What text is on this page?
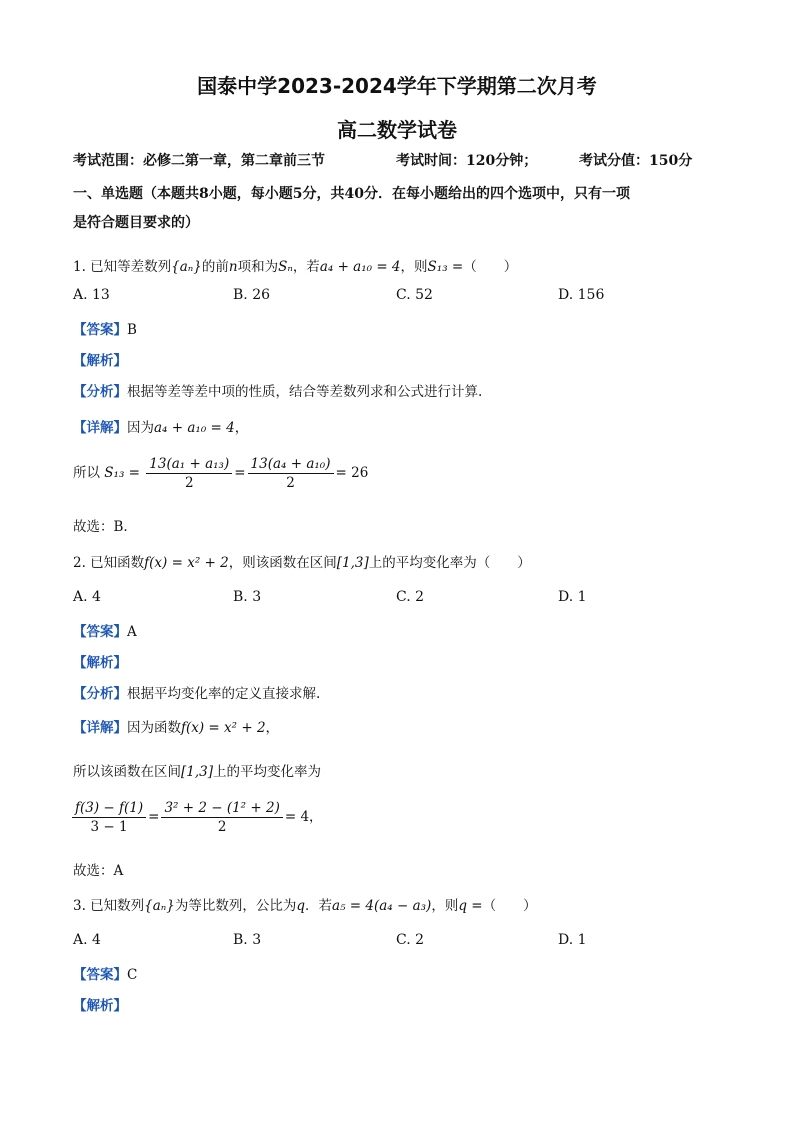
国泰中学2023-2024学年下学期第二次月考
高二数学试卷
考试范围：必修二第一章，第二章前三节	考试时间：120分钟；	考试分值：150分
一、单选题（本题共8小题，每小题5分，共40分．在每小题给出的四个选项中，只有一项
是符合题目要求的）
1. 已知等差数列{aₙ}的前n项和为Sₙ，若a₄ + a₁₀ = 4，则S₁₃ =（　　）
A. 13	B. 26	C. 52	D. 156
【答案】B
【解析】
【分析】根据等差等差中项的性质，结合等差数列求和公式进行计算.
【详解】因为a₄ + a₁₀ = 4，
所以 $S_{13} = \frac{\text{13(a₁ + a₁₃)}}{2} = \frac{\text{13(a₄ + a₁₀)}}{2} = 26$
故选：B.
2. 已知函数f(x) = x² + 2，则该函数在区间[1,3]上的平均变化率为（　　）
A. 4	B. 3	C. 2	D. 1
【答案】A
【解析】
【分析】根据平均变化率的定义直接求解.
【详解】因为函数f(x) = x² + 2，
所以该函数在区间[1,3]上的平均变化率为
$\frac{f(3) - f(1)}{3 - 1} = \frac{\text{3² + 2 − (1² + 2)}}{2} = 4$，
故选：A
3. 已知数列{aₙ}为等比数列，公比为q．若a₅ = 4(a₄ − a₃)，则q =（　　）
A. 4	B. 3	C. 2	D. 1
【答案】C
【解析】
